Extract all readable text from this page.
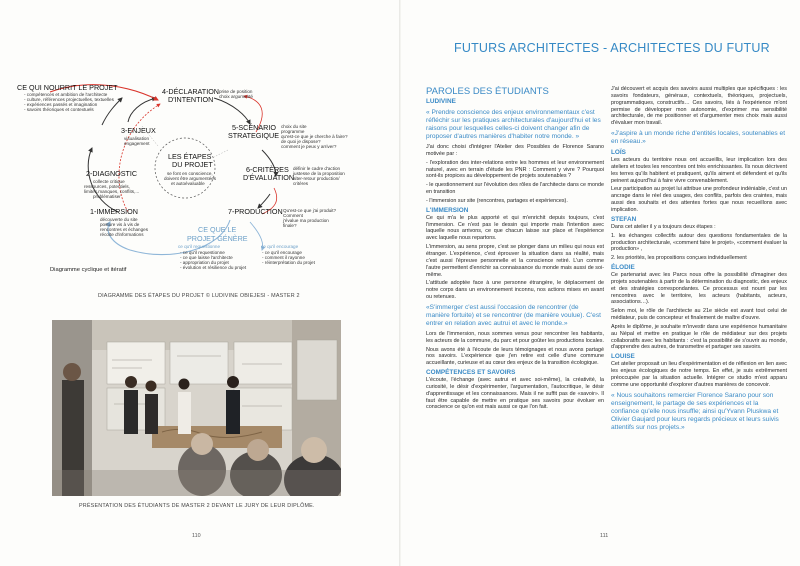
CE QUI NOURRIT LE PROJET
- compétences et ambition de l'architecte
- culture, références projectuelles, textuelles
- expériences passés et imagination
- savoirs théoriques et contextuels
4-DÉCLARATION
D'INTENTION
prise de position
choix argumenté
3-ENJEUX
visualisation
engagement
5-SCÉNARIO
STRATEGIQUE
choix du site
programme
qu'est-ce que je cherche à faire?
de quoi je dispose?
comment je peux y arriver?
2-DIAGNOSTIC
collecte critique
ressources, potentiels,
limites,manques, conflits,...
problématiser
LES ÉTAPES
DU PROJET
se font en conscience,
doivent être argumentées
et autoévaluable
6-CRITÈRES
D'ÉVALUATION
définir le cadre d'action
justesse de la proposition
alter-retour production/
critères
1-IMMERSION
découverte du site
posture vis à vis de
rencontres et échanges
récolte d'informations
7-PRODUCTION Qu'est-ce que j'ai produit?
Comment
j'évalue ma production
finale?
CE QUE LE
PROJET GÉNÈRE
ce qu'il requestionne
- ce qu'il requestionne
- ce que laisse l'architecte
- appropriation du projet
- évolution et résilience du projet
ce qu'il encourage
- ce qu'il encourage
- comment il rayonne
- réinterprétation du projet
Diagramme cyclique et itératif
DIAGRAMME DES ÉTAPES DU PROJET © LUDIVINE OBIEJESI - MASTER 2
PRÉSENTATION DES ÉTUDIANTS DE MASTER 2 DEVANT LE JURY DE LEUR DIPLÔME.
110
FUTURS ARCHITECTES - ARCHITECTES DU FUTUR
PAROLES DES ÉTUDIANTS
LUDIVINE
« Prendre conscience des enjeux environnementaux c'est réfléchir sur les pratiques architecturales d'aujourd'hui et les raisons pour lesquelles celles-ci doivent changer afin de proposer d'autres manières d'habiter notre monde. »

J'ai donc choisi d'intégrer l'Atelier des Possibles de Florence Sarano motivée par :

- l'exploration des inter-relations entre les hommes et leur environnement naturel, avec en terrain d'étude les PNR : Comment y vivre ? Pourquoi sont-ils propices au développement de projets soutenables ?

- le questionnement sur l'évolution des rôles de l'architecte dans ce monde en transition

- l'immersion sur site (rencontres, partages et expériences).

L'IMMERSION

Ce qui m'a le plus apporté et qui m'enrichit depuis toujours, c'est l'immersion. Ce n'est pas le dessin qui importe mais l'intention avec laquelle nous arrivons, ce que chacun laisse sur place et l'expérience avec laquelle nous repartons.

L'immersion, au sens propre, c'est se plonger dans un milieu qui nous est étranger. L'expérience, c'est éprouver la situation dans sa réalité, mais c'est aussi l'épreuve personnelle et la conscience retiré. L'un comme l'autre permettent d'enrichir sa connaissance du monde mais aussi de soi-même.

L'attitude adoptée face à une personne étrangère, le déplacement de notre corps dans un environnement inconnu, nos actions mises en avant ou retenues.

«S'immerger c'est aussi l'occasion de rencontrer (de manière fortuite) et se rencontrer (de manière voulue). C'est entrer en relation avec autrui et avec le monde.»

Lors de l'immersion, nous sommes venus pour rencontrer les habitants, les acteurs de la commune, du parc et pour goûter les productions locales.

Nous avons été à l'écoute de leurs témoignages et nous avons partagé nos savoirs. L'expérience que j'en retire est celle d'une commune accueillante, curieuse et au cœur des enjeux de la transition écologique.

COMPÉTENCES ET SAVOIRS

L'écoute, l'échange (avec autrui et avec soi-même), la créativité, la curiosité, le désir d'expérimenter, l'argumentation, l'autocritique, le désir d'apprentissage et les connaissances. Mais il ne suffit pas de «savoir». Il faut être capable de mettre en pratique ses savoirs pour évoluer en conscience ce qu'on est mais aussi ce que l'on fait.

J'ai découvert et acquis des savoirs aussi multiples que spécifiques : les savoirs fondateurs, généraux, contextuels, théoriques, projectuels, programmatiques, constructifs… Ces savoirs, liés à l'expérience m'ont permise de développer mon autonomie, d'exprimer ma sensibilité architecturale, de me positionner et d'argumenter mes choix mais aussi d'évaluer mon travail.

«J'aspire à un monde riche d'entités locales, soutenables et en réseau.»
LOÏS

Les acteurs du territoire nous ont accueillis, leur implication lors des ateliers et toutes les rencontres ont très enrichissantes. Ils nous décrivent les terres qu'ils habitent et pratiquent, qu'ils aiment et défendent et qu'ils peinent aujourd'hui à faire vivre convenablement.

Leur participation au projet lui attribue une profondeur indéniable, c'est un ancrage dans le réel des usages, des conflits, parfois des craintes, mais aussi des souhaits et des attentes fortes que nous recueillons avec implication.

STEFAN

Dans cet atelier il y a toujours deux étapes :

1. les échanges collectifs autour des questions fondamentales de la production architecturale, «comment faire le projet», «comment évaluer la production» ,

2. les priorités, les propositions conçues individuellement

ÉLODIE

Ce partenariat avec les Parcs nous offre la possibilité d'imaginer des projets soutenables à partir de la détermination du diagnostic, des enjeux et des stratégies correspondantes. Ce processus est nourri par les rencontres avec le territoire, les acteurs (habitants, acteurs, associations…).

Selon moi, le rôle de l'architecte au 21e siècle est avant tout celui de médiateur, puis de concepteur et finalement de maître d'ouvre.

Après le diplôme, je souhaite m'investir dans une expérience humanitaire au Népal et mettre en pratique le rôle de médiateur sur des projets collaboratifs avec les habitants : c'est la possibilité de s'ouvrir au monde, d'apprendre des autres, de transmettre et partager ses savoirs.

LOUISE

Cet atelier proposait un lieu d'expérimentation et de réflexion en lien avec les enjeux écologiques de notre temps. En effet, je suis extrêmement préoccupée par la situation actuelle. Intégrer ce studio m'est apparu comme une opportunité d'explorer d'autres manières de concevoir.

« Nous souhaitons remercier Florence Sarano pour son enseignement, le partage de ses expériences et la confiance qu'elle nous insuffle; ainsi qu'Yvann Pluskwa et Olivier Gaujard pour leurs regards précieux et leurs suivis attentifs sur nos projets.»
111
